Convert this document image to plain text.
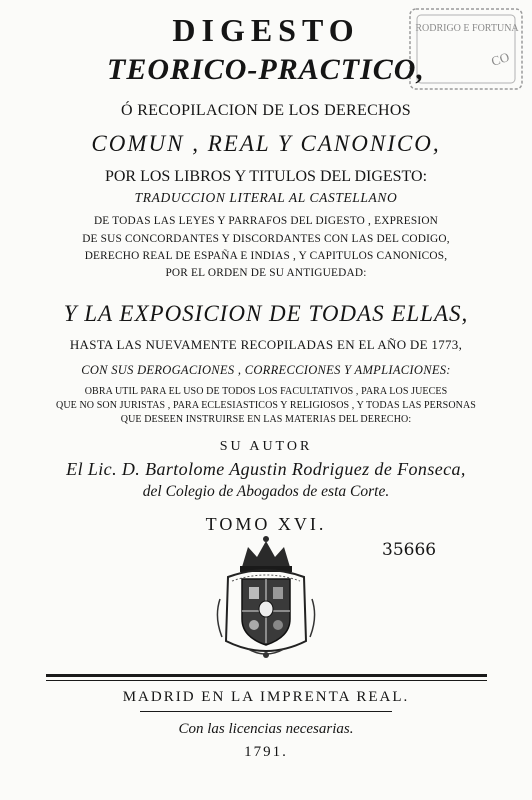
RODRIGO E FORTUNA
CO
DIGESTO
TEORICO-PRACTICO,
Ó RECOPILACION DE LOS DERECHOS
COMUN , REAL Y CANONICO,
POR LOS LIBROS Y TITULOS DEL DIGESTO:
TRADUCCION LITERAL AL CASTELLANO
DE TODAS LAS LEYES Y PARRAFOS DEL DIGESTO , EXPRESION
DE SUS CONCORDANTES Y DISCORDANTES CON LAS DEL CODIGO,
DERECHO REAL DE ESPAÑA E INDIAS , Y CAPITULOS CANONICOS,
POR EL ORDEN DE SU ANTIGUEDAD:
Y LA EXPOSICION DE TODAS ELLAS,
HASTA LAS NUEVAMENTE RECOPILADAS EN EL AÑO DE 1773,
CON SUS DEROGACIONES , CORRECCIONES Y AMPLIACIONES:
OBRA UTIL PARA EL USO DE TODOS LOS FACULTATIVOS , PARA LOS JUECES
QUE NO SON JURISTAS , PARA ECLESIASTICOS Y RELIGIOSOS , Y TODAS LAS PERSONAS
QUE DESEEN INSTRUIRSE EN LAS MATERIAS DEL DERECHO:
SU AUTOR
El Lic. D. Bartolome Agustin Rodriguez de Fonseca,
del Colegio de Abogados de esta Corte.
TOMO XVI.
35666
MADRID EN LA IMPRENTA REAL.
Con las licencias necesarias.
1791.
